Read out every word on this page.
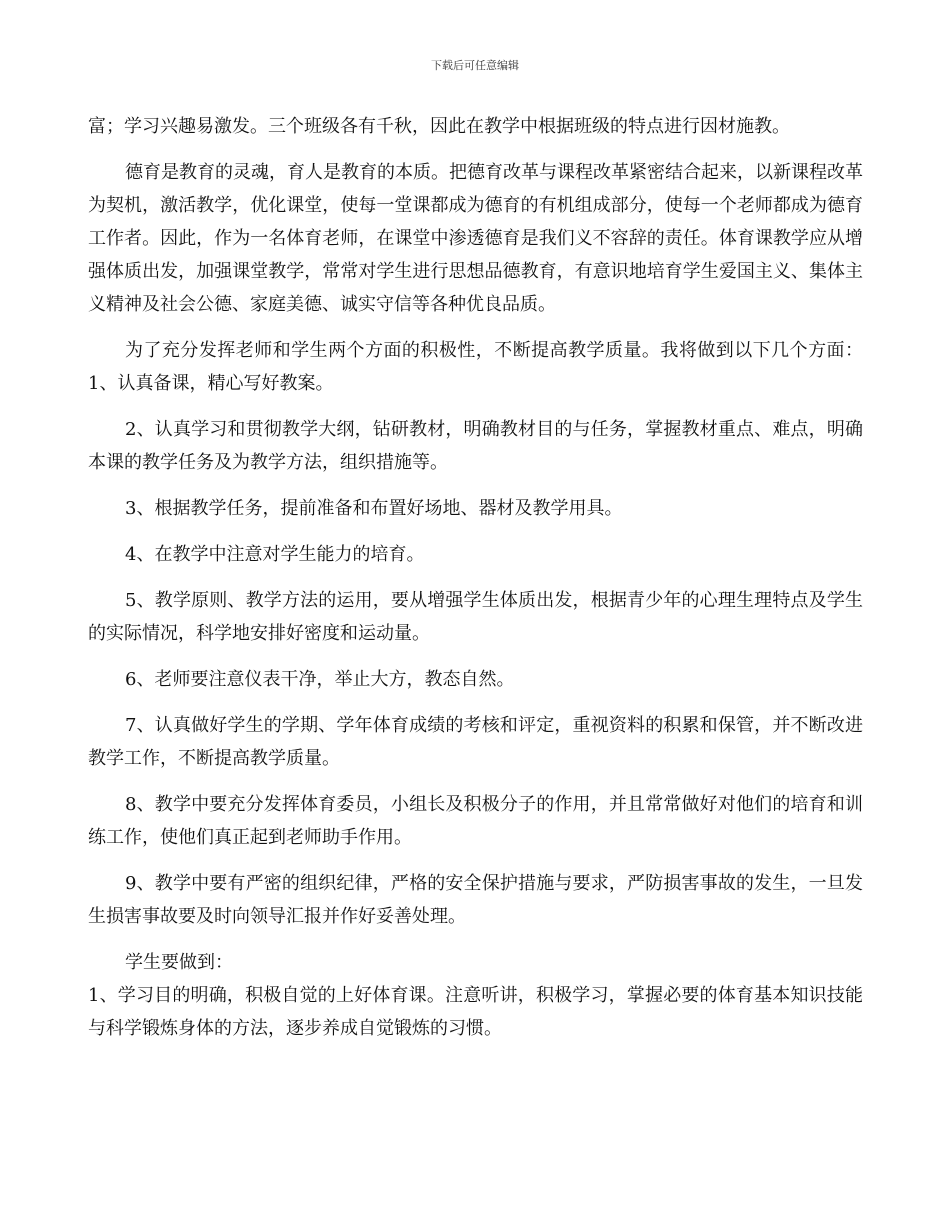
下载后可任意编辑

富；学习兴趣易激发。三个班级各有千秋，因此在教学中根据班级的特点进行因材施教。

德育是教育的灵魂，育人是教育的本质。把德育改革与课程改革紧密结合起来，以新课程改革为契机，激活教学，优化课堂，使每一堂课都成为德育的有机组成部分，使每一个老师都成为德育工作者。因此，作为一名体育老师，在课堂中渗透德育是我们义不容辞的责任。体育课教学应从增强体质出发，加强课堂教学，常常对学生进行思想品德教育，有意识地培育学生爱国主义、集体主义精神及社会公德、家庭美德、诚实守信等各种优良品质。

为了充分发挥老师和学生两个方面的积极性，不断提高教学质量。我将做到以下几个方面：1、认真备课，精心写好教案。

2、认真学习和贯彻教学大纲，钻研教材，明确教材目的与任务，掌握教材重点、难点，明确本课的教学任务及为教学方法，组织措施等。

3、根据教学任务，提前准备和布置好场地、器材及教学用具。

4、在教学中注意对学生能力的培育。

5、教学原则、教学方法的运用，要从增强学生体质出发，根据青少年的心理生理特点及学生的实际情况，科学地安排好密度和运动量。

6、老师要注意仪表干净，举止大方，教态自然。

7、认真做好学生的学期、学年体育成绩的考核和评定，重视资料的积累和保管，并不断改进教学工作，不断提高教学质量。

8、教学中要充分发挥体育委员，小组长及积极分子的作用，并且常常做好对他们的培育和训练工作，使他们真正起到老师助手作用。

9、教学中要有严密的组织纪律，严格的安全保护措施与要求，严防损害事故的发生，一旦发生损害事故要及时向领导汇报并作好妥善处理。

学生要做到：

1、学习目的明确，积极自觉的上好体育课。注意听讲，积极学习，掌握必要的体育基本知识技能与科学锻炼身体的方法，逐步养成自觉锻炼的习惯。
